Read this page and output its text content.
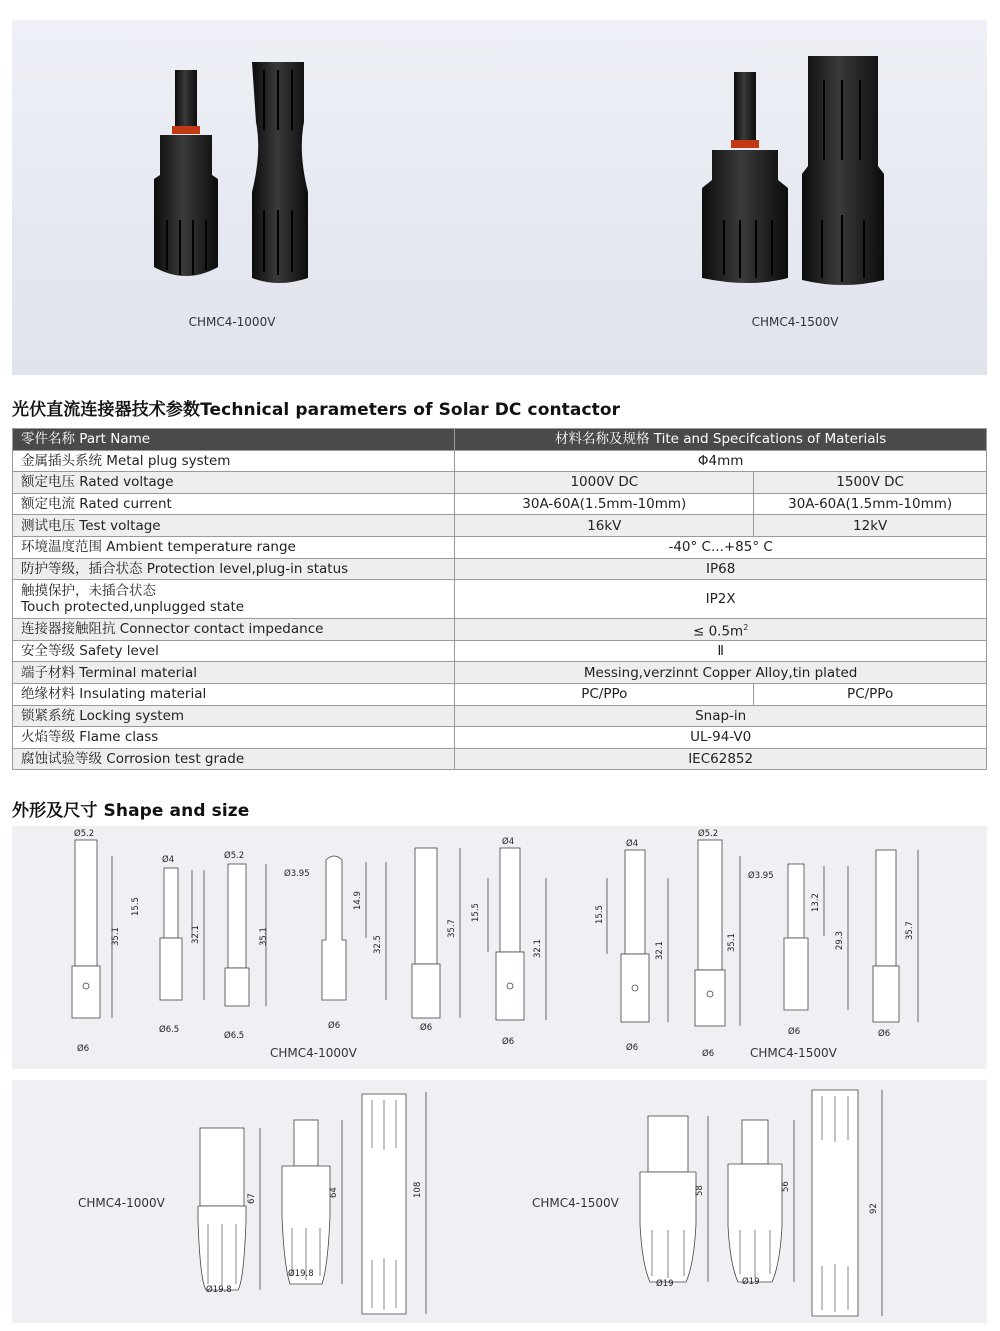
CHMC4-1000V	CHMC4-1500V
光伏直流连接器技术参数Technical parameters of Solar DC contactor
零件名称 Part Name	材料名称及规格 Tite and Specifcations of Materials	
金属插头系统 Metal plug system	Φ4mm	
额定电压 Rated voltage	1000V DC	1500V DC
额定电流 Rated current	30A-60A(1.5mm-10mm)	30A-60A(1.5mm-10mm)
测试电压 Test voltage	16kV	12kV
环境温度范围 Ambient temperature range	-40° C...+85° C	
防护等级，插合状态 Protection level,plug-in status	IP68	

触摸保护，未插合状态
Touch protected,unplugged state	IP2X	
连接器接触阻抗 Connector contact impedance	≤ $0.5m^2$
安全等级 Safety level	Ⅱ	
端子材料 Terminal material	Messing,verzinnt Copper Alloy,tin plated	
绝缘材料 Insulating material	PC/PPo	PC/PPo
锁紧系统 Locking system	Snap-in	
火焰等级 Flame class	UL-94-V0	
腐蚀试验等级 Corrosion test grade	IEC62852	
外形及尺寸 Shape and size
Ø5.2
Ø6
35.1
Ø4
Ø6.5
15.5
32.1
Ø5.2
Ø6.5
35.1
Ø3.95
Ø6
14.9
32.5
Ø6
35.7
Ø4
Ø6
15.5
32.1
CHMC4-1000V
Ø4
Ø6
15.5
32.1
Ø5.2
Ø6
35.1
Ø3.95
Ø6
13.2
29.3
Ø6
35.7
CHMC4-1500V
CHMC4-1000V	67
Ø19.8
64
Ø19.8
108
CHMC4-1500V
58
Ø19
56
Ø19
92
